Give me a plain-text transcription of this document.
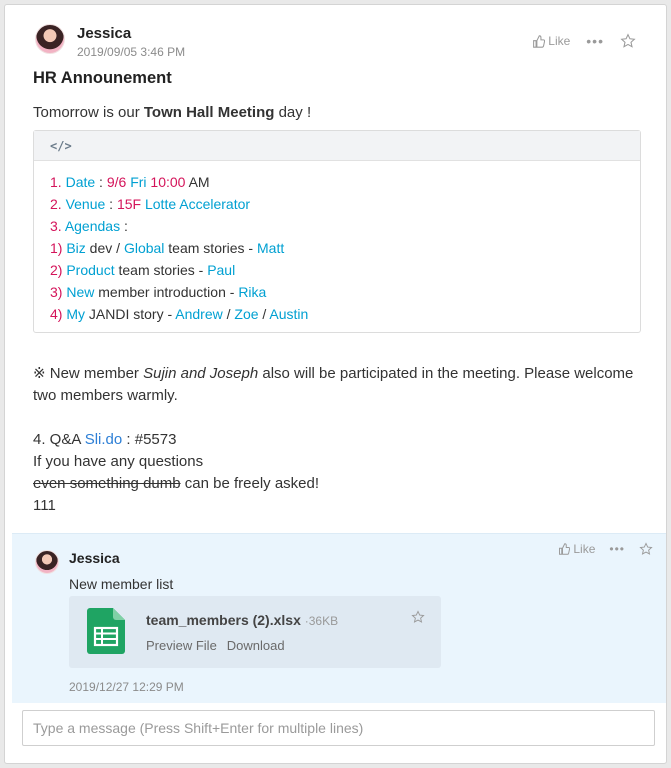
Jessica
2019/09/05 3:46 PM
Like •••
HR Announement
Tomorrow is our Town Hall Meeting day !
</>
1. Date : 9/6 Fri 10:00 AM
2. Venue : 15F Lotte Accelerator
3. Agendas :
1) Biz dev / Global team stories - Matt
2) Product team stories - Paul
3) New member introduction - Rika
4) My JANDI story - Andrew / Zoe / Austin
※ New member Sujin and Joseph also will be participated in the meeting. Please welcome two members warmly.
4. Q&A Sli.do : #5573
If you have any questions
even something dumb can be freely asked!
111
Jessica
Like •••
New member list
team_members (2).xlsx ·36KB
Preview File Download
2019/12/27 12:29 PM
Type a message (Press Shift+Enter for multiple lines)
